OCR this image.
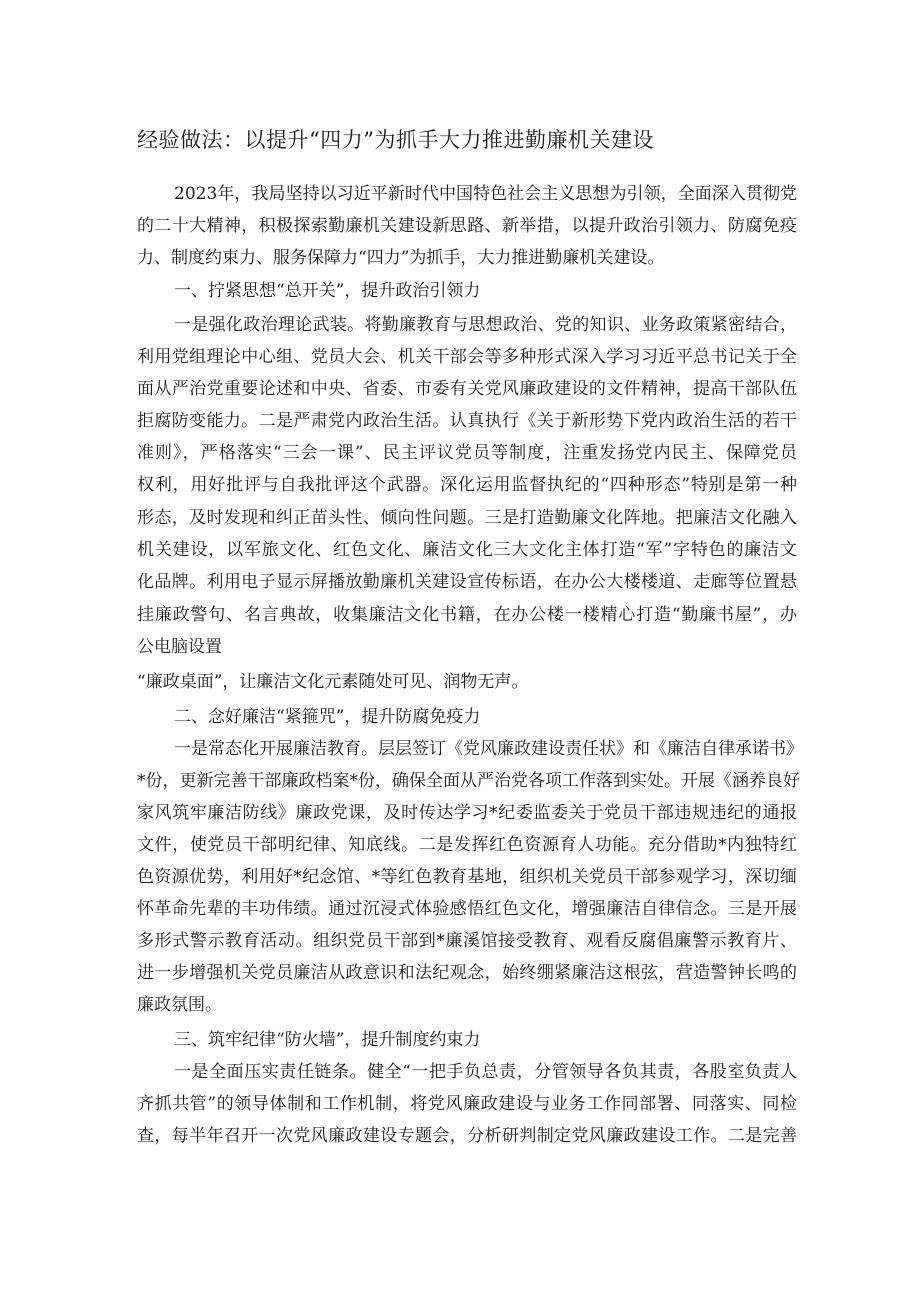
经验做法：以提升“四力”为抓手大力推进勤廉机关建设
2023年，我局坚持以习近平新时代中国特色社会主义思想为引领，全面深入贯彻党
的二十大精神，积极探索勤廉机关建设新思路、新举措，以提升政治引领力、防腐免疫
力、制度约束力、服务保障力“四力”为抓手，大力推进勤廉机关建设。
一、拧紧思想“总开关”，提升政治引领力
一是强化政治理论武装。将勤廉教育与思想政治、党的知识、业务政策紧密结合，
利用党组理论中心组、党员大会、机关干部会等多种形式深入学习习近平总书记关于全
面从严治党重要论述和中央、省委、市委有关党风廉政建设的文件精神，提高干部队伍
拒腐防变能力。二是严肃党内政治生活。认真执行《关于新形势下党内政治生活的若干
准则》，严格落实“三会一课”、民主评议党员等制度，注重发扬党内民主、保障党员
权利，用好批评与自我批评这个武器。深化运用监督执纪的“四种形态”特别是第一种
形态，及时发现和纠正苗头性、倾向性问题。三是打造勤廉文化阵地。把廉洁文化融入
机关建设，以军旅文化、红色文化、廉洁文化三大文化主体打造“军”字特色的廉洁文
化品牌。利用电子显示屏播放勤廉机关建设宣传标语，在办公大楼楼道、走廊等位置悬
挂廉政警句、名言典故，收集廉洁文化书籍，在办公楼一楼精心打造“勤廉书屋”，办
公电脑设置
“廉政桌面”，让廉洁文化元素随处可见、润物无声。
二、念好廉洁“紧箍咒”，提升防腐免疫力
一是常态化开展廉洁教育。层层签订《党风廉政建设责任状》和《廉洁自律承诺书》
*份，更新完善干部廉政档案*份，确保全面从严治党各项工作落到实处。开展《涵养良好
家风筑牢廉洁防线》廉政党课，及时传达学习*纪委监委关于党员干部违规违纪的通报
文件，使党员干部明纪律、知底线。二是发挥红色资源育人功能。充分借助*内独特红
色资源优势，利用好*纪念馆、*等红色教育基地，组织机关党员干部参观学习，深切缅
怀革命先辈的丰功伟绩。通过沉浸式体验感悟红色文化，增强廉洁自律信念。三是开展
多形式警示教育活动。组织党员干部到*廉溪馆接受教育、观看反腐倡廉警示教育片、
进一步增强机关党员廉洁从政意识和法纪观念，始终绷紧廉洁这根弦，营造警钟长鸣的
廉政氛围。
三、筑牢纪律“防火墙”，提升制度约束力
一是全面压实责任链条。健全“一把手负总责，分管领导各负其责，各股室负责人
齐抓共管”的领导体制和工作机制，将党风廉政建设与业务工作同部署、同落实、同检
查，每半年召开一次党风廉政建设专题会，分析研判制定党风廉政建设工作。二是完善
